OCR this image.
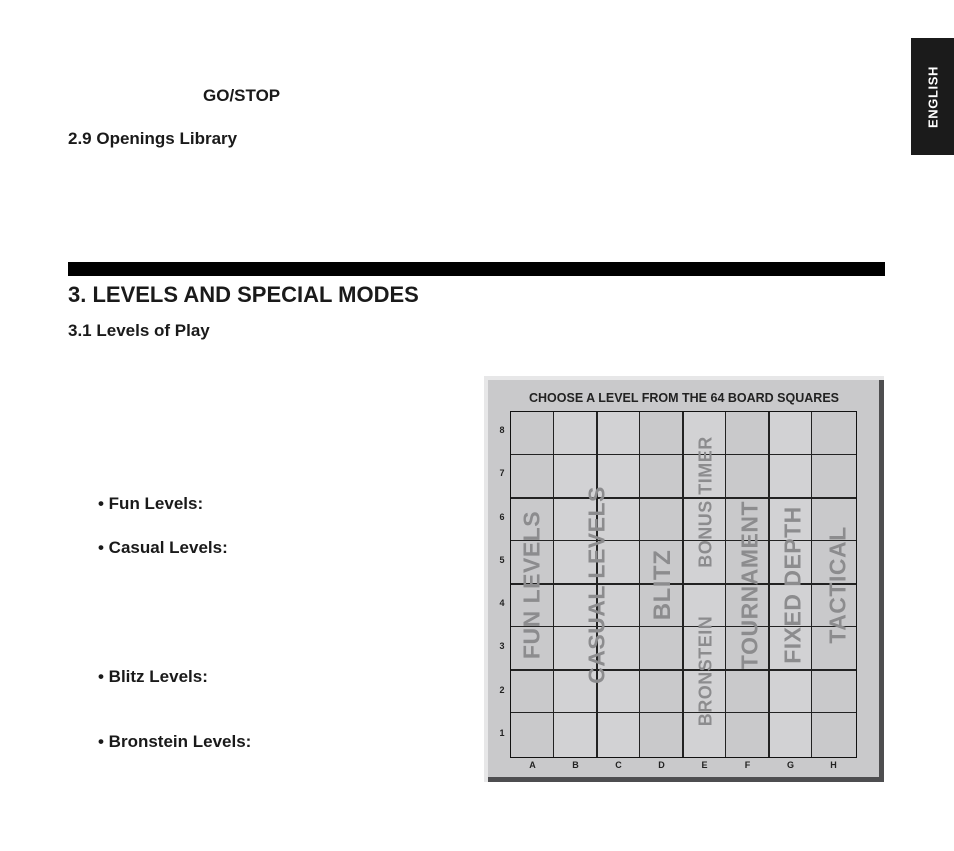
ENGLISH
GO/STOP
2.9 Openings Library
3. LEVELS AND SPECIAL MODES
3.1 Levels of Play
• Fun Levels:
• Casual Levels:
• Blitz Levels:
• Bronstein Levels:
CHOOSE A LEVEL FROM THE 64 BOARD SQUARES
8
7
6
5
4
3
2
1
A	B	C	D	E	F	G	H
FUN LEVELS CASUAL LEVELS BLITZ
BRONSTEIN
BONUS TIMER TOURNAMENT FIXED DEPTH TACTICAL
